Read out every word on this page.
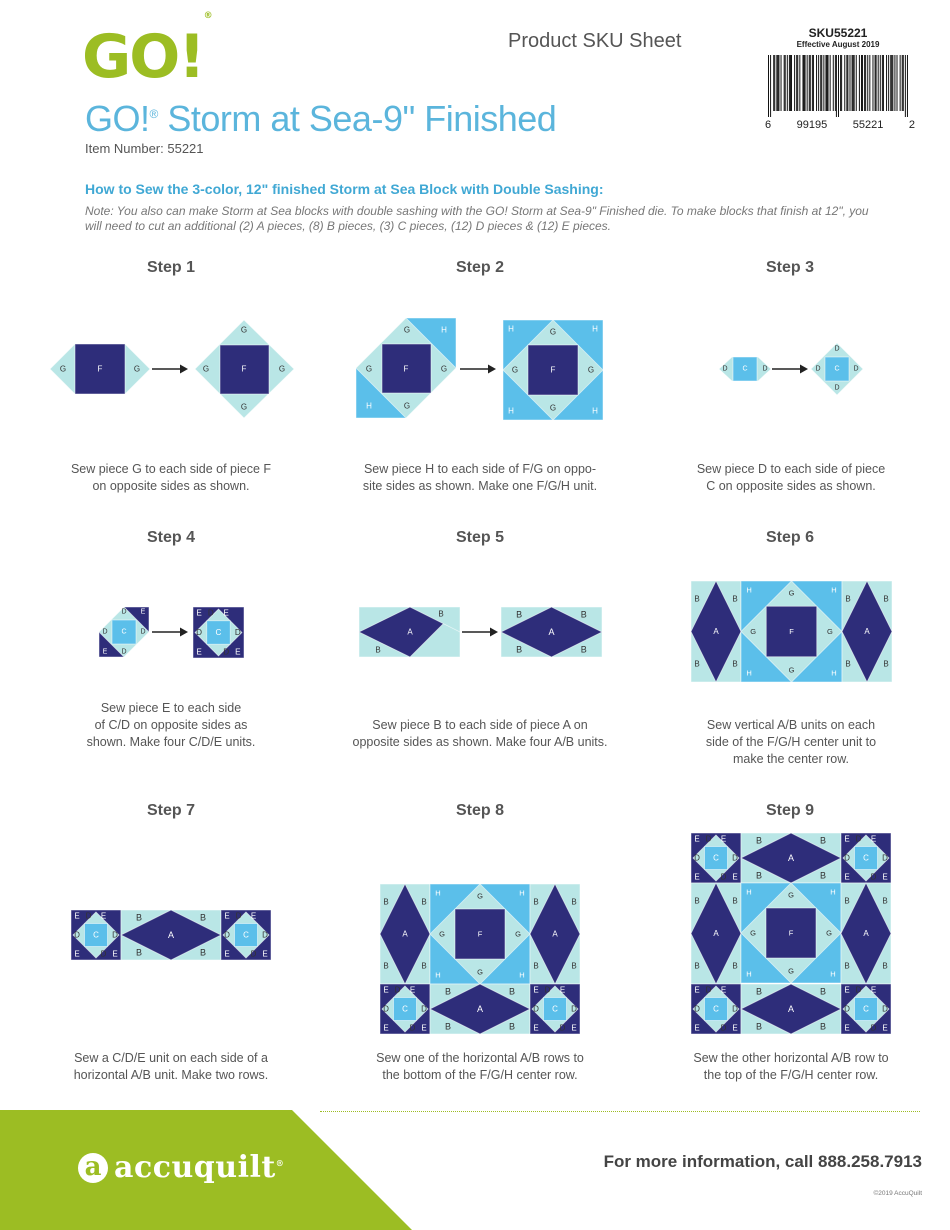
GO!®
Product SKU Sheet	SKU55221
Effective August 2019
6 99195 55221 2
GO!® Storm at Sea-9" Finished
Item Number: 55221
How to Sew the 3-color, 12" finished Storm at Sea Block with Double Sashing:
Note: You also can make Storm at Sea blocks with double sashing with the GO! Storm at Sea-9" Finished die. To make blocks that finish at 12", you will need to cut an additional (2) A pieces, (8) B pieces, (3) C pieces, (12) D pieces & (12) E pieces.
Step 1	Step 2	Step 3
Step 4	Step 5	Step 6
Step 7	Step 8	Step 9
F
G	G	F
G
G
G	G	F
G
G
G	G
H
H
F
G
G
G	G
H	H
H	H
C
D	D	C
D
D
D	D
C
D
D	D
D
E
E
C
D
D	D
D
E	E
E	E
A
B
B
A
B	B
B	B
A
B	B
B	B
F
G
G
G	G
H	H
H	H
A
B	B
B	B
C
D
D	D
D
E	E
E	E
A
B	B
B	B
C
D
D	D
D
E	E
E	E
A
B	B
B	B
F
G
G
G	G
H	H
H	H
A
B	B
B	B
C
D
D	D
D
E	E
E	E
A
B	B
B	B
C
D
D	D
D
E	E
E	E
C
D
D	D
D
E	E
E	E
A
B	B
B	B
C
D
D	D
D
E	E
E	E
A
B	B
B	B
F
G
G
G	G
H	H
H	H
A
B	B
B	B
C
D
D	D
D
E	E
E	E
A
B	B
B	B
C
D
D	D
D
E	E
E	E
Sew piece G to each side of piece F
on opposite sides as shown.
Sew piece H to each side of F/G on oppo-
site sides as shown. Make one F/G/H unit.
Sew piece D to each side of piece
C on opposite sides as shown.
Sew piece E to each side
of C/D on opposite sides as
shown. Make four C/D/E units.
Sew piece B to each side of piece A on
opposite sides as shown. Make four A/B units.
Sew vertical A/B units on each
side of the F/G/H center unit to
make the center row.
Sew a C/D/E unit on each side of a
horizontal A/B unit. Make two rows.
Sew one of the horizontal A/B rows to
the bottom of the F/G/H center row.
Sew the other horizontal A/B row to
the top of the F/G/H center row.
a accuquilt®	For more information, call 888.258.7913
©2019 AccuQuilt
